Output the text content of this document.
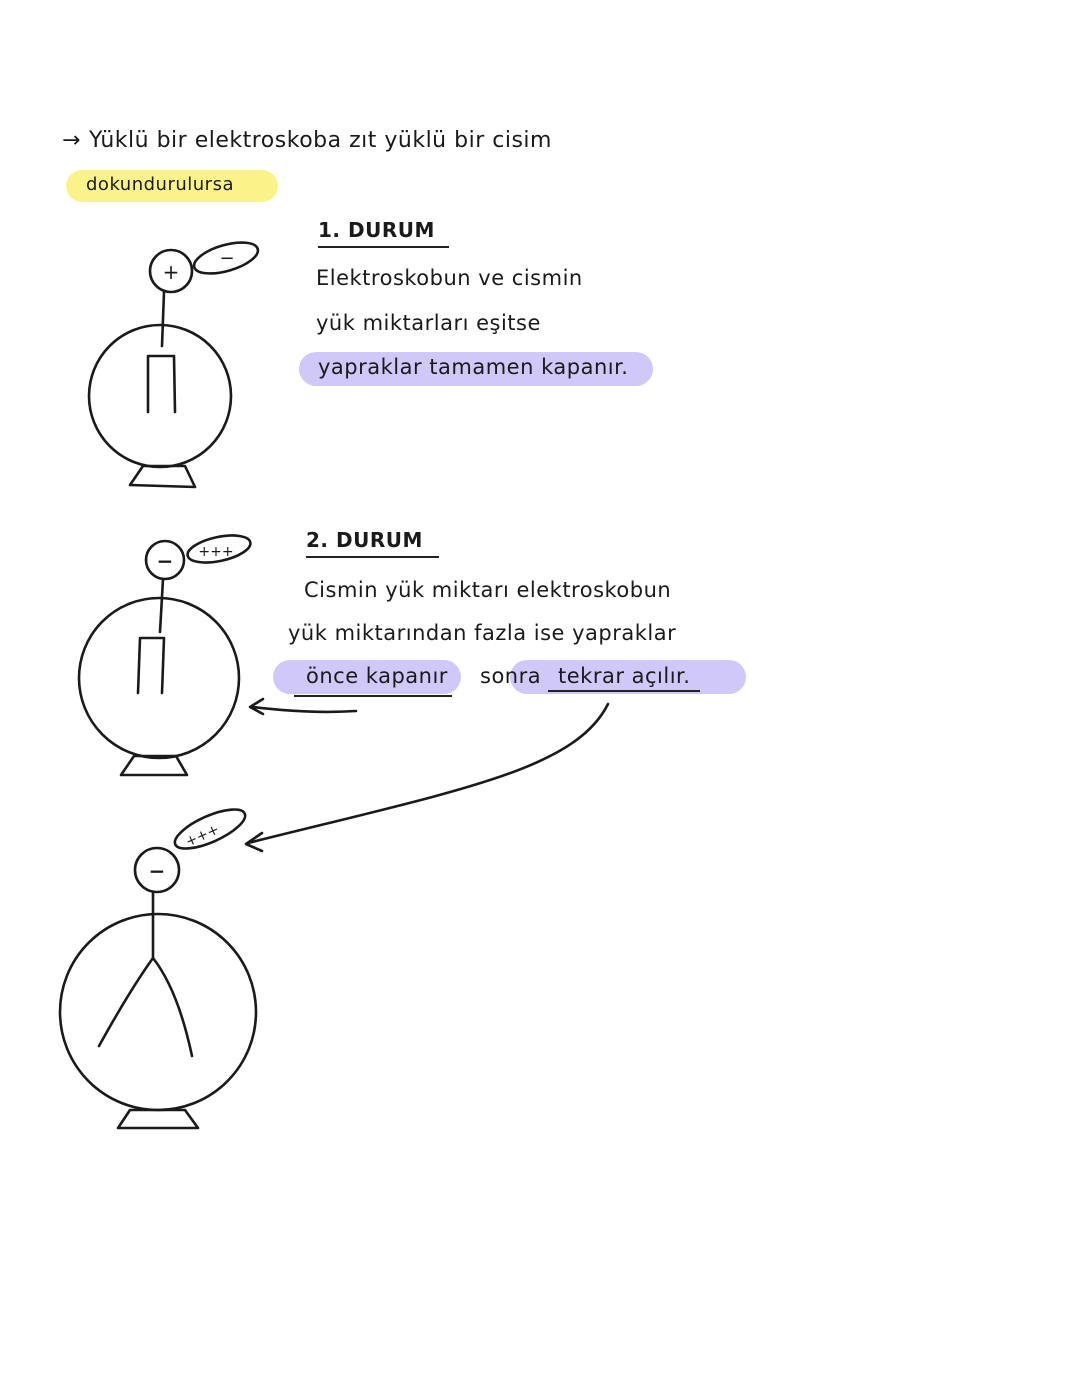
→ Yüklü bir elektroskoba zıt yüklü bir cisim
dokundurulursa
1. DURUM
Elektroskobun ve cismin
yük miktarları eşitse
yapraklar tamamen kapanır.
2. DURUM
Cismin yük miktarı elektroskobun
yük miktarından fazla ise yapraklar
önce kapanır sonra tekrar açılır.
+
−
− +++
−
+++
